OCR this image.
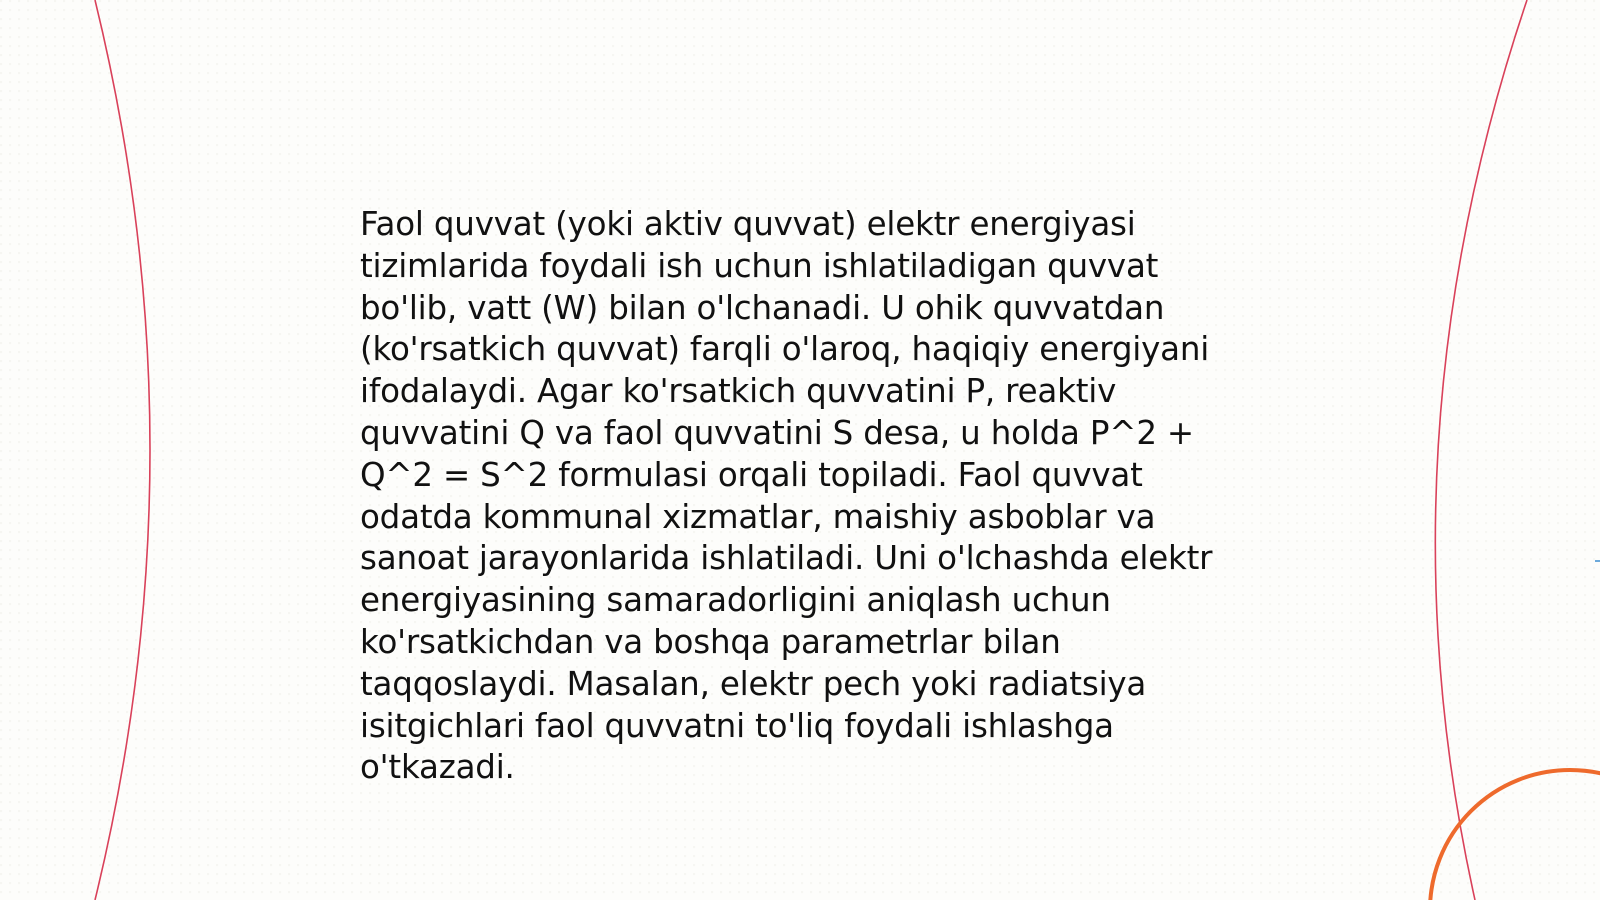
Faol quvvat (yoki aktiv quvvat) elektr energiyasi
tizimlarida foydali ish uchun ishlatiladigan quvvat
bo'lib, vatt (W) bilan o'lchanadi. U ohik quvvatdan
(ko'rsatkich quvvat) farqli o'laroq, haqiqiy energiyani
ifodalaydi. Agar ko'rsatkich quvvatini P, reaktiv
quvvatini Q va faol quvvatini S desa, u holda P^2 +
Q^2 = S^2 formulasi orqali topiladi. Faol quvvat
odatda kommunal xizmatlar, maishiy asboblar va
sanoat jarayonlarida ishlatiladi. Uni o'lchashda elektr
energiyasining samaradorligini aniqlash uchun
ko'rsatkichdan va boshqa parametrlar bilan
taqqoslaydi. Masalan, elektr pech yoki radiatsiya
isitgichlari faol quvvatni to'liq foydali ishlashga
o'tkazadi.
